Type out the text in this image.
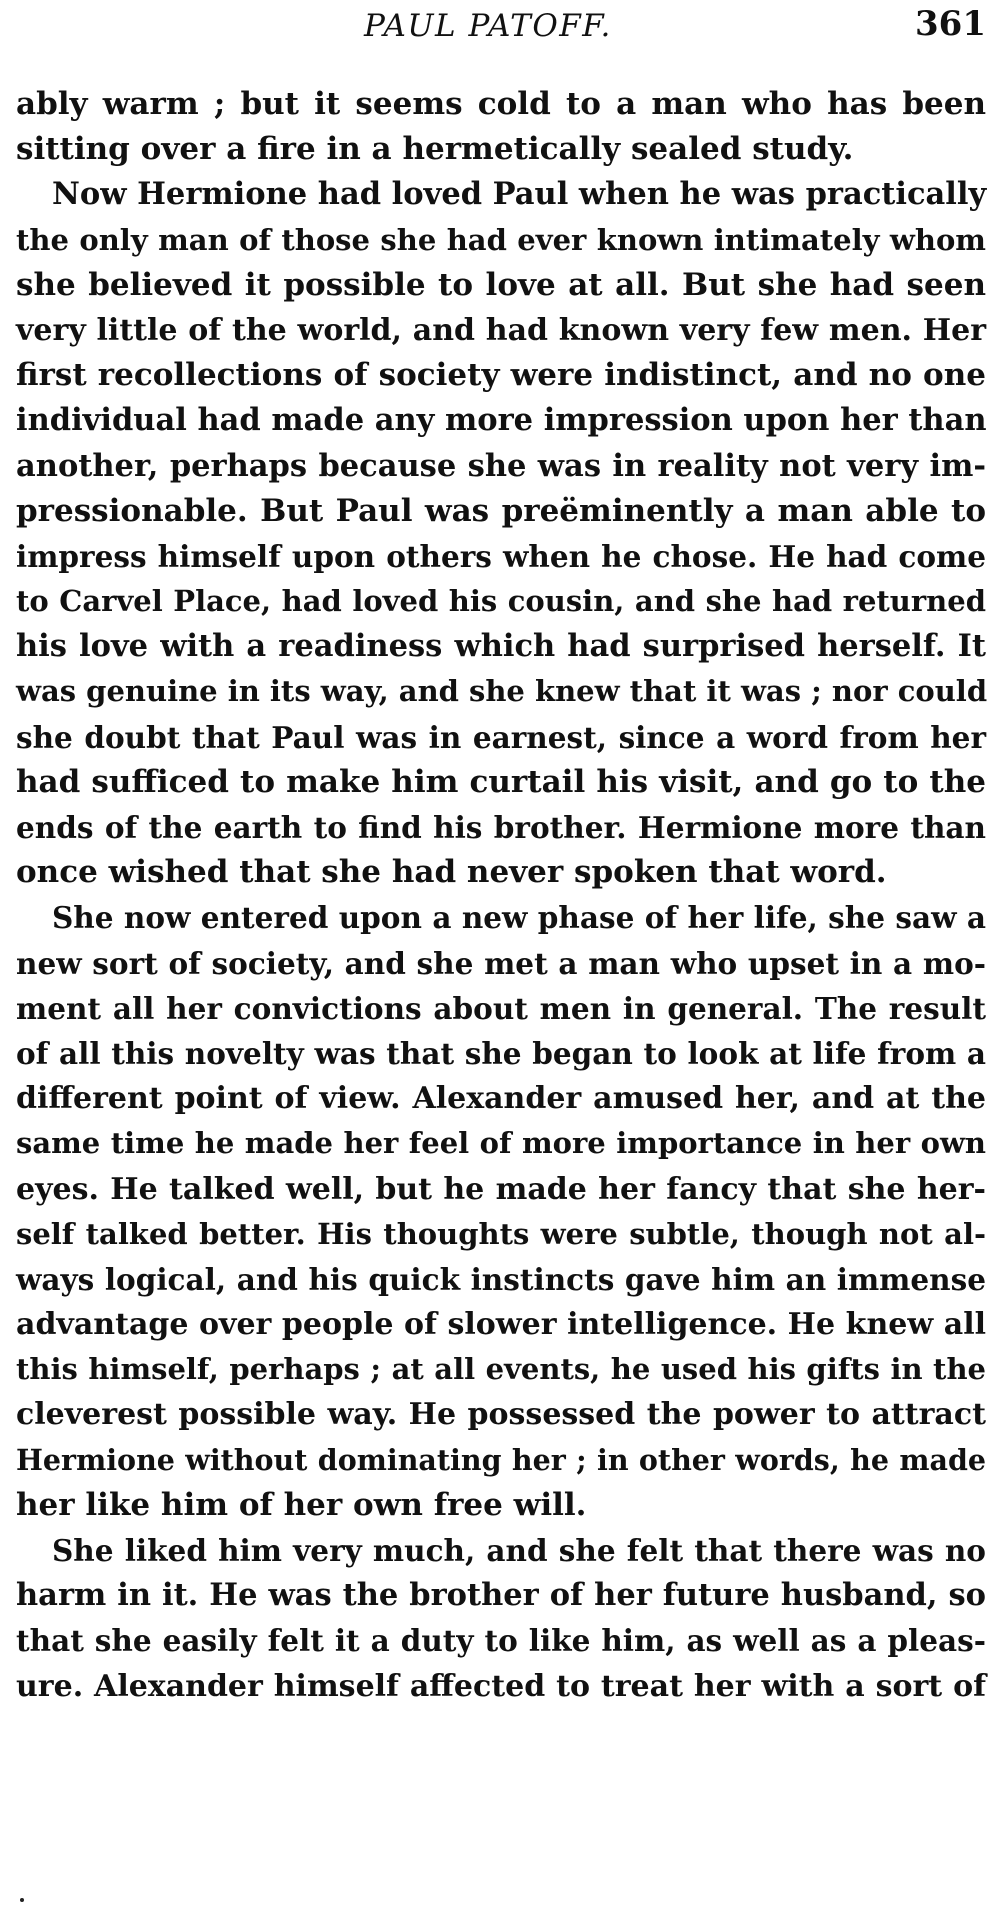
PAUL PATOFF.	361
ably warm ; but it seems cold to a man who has been
sitting over a fire in a hermetically sealed study.
Now Hermione had loved Paul when he was practically
the only man of those she had ever known intimately whom
she believed it possible to love at all. But she had seen
very little of the world, and had known very few men. Her
first recollections of society were indistinct, and no one
individual had made any more impression upon her than
another, perhaps because she was in reality not very im-
pressionable. But Paul was preëminently a man able to
impress himself upon others when he chose. He had come
to Carvel Place, had loved his cousin, and she had returned
his love with a readiness which had surprised herself. It
was genuine in its way, and she knew that it was ; nor could
she doubt that Paul was in earnest, since a word from her
had sufficed to make him curtail his visit, and go to the
ends of the earth to find his brother. Hermione more than
once wished that she had never spoken that word.
She now entered upon a new phase of her life, she saw a
new sort of society, and she met a man who upset in a mo-
ment all her convictions about men in general. The result
of all this novelty was that she began to look at life from a
different point of view. Alexander amused her, and at the
same time he made her feel of more importance in her own
eyes. He talked well, but he made her fancy that she her-
self talked better. His thoughts were subtle, though not al-
ways logical, and his quick instincts gave him an immense
advantage over people of slower intelligence. He knew all
this himself, perhaps ; at all events, he used his gifts in the
cleverest possible way. He possessed the power to attract
Hermione without dominating her ; in other words, he made
her like him of her own free will.
She liked him very much, and she felt that there was no
harm in it. He was the brother of her future husband, so
that she easily felt it a duty to like him, as well as a pleas-
ure. Alexander himself affected to treat her with a sort of
